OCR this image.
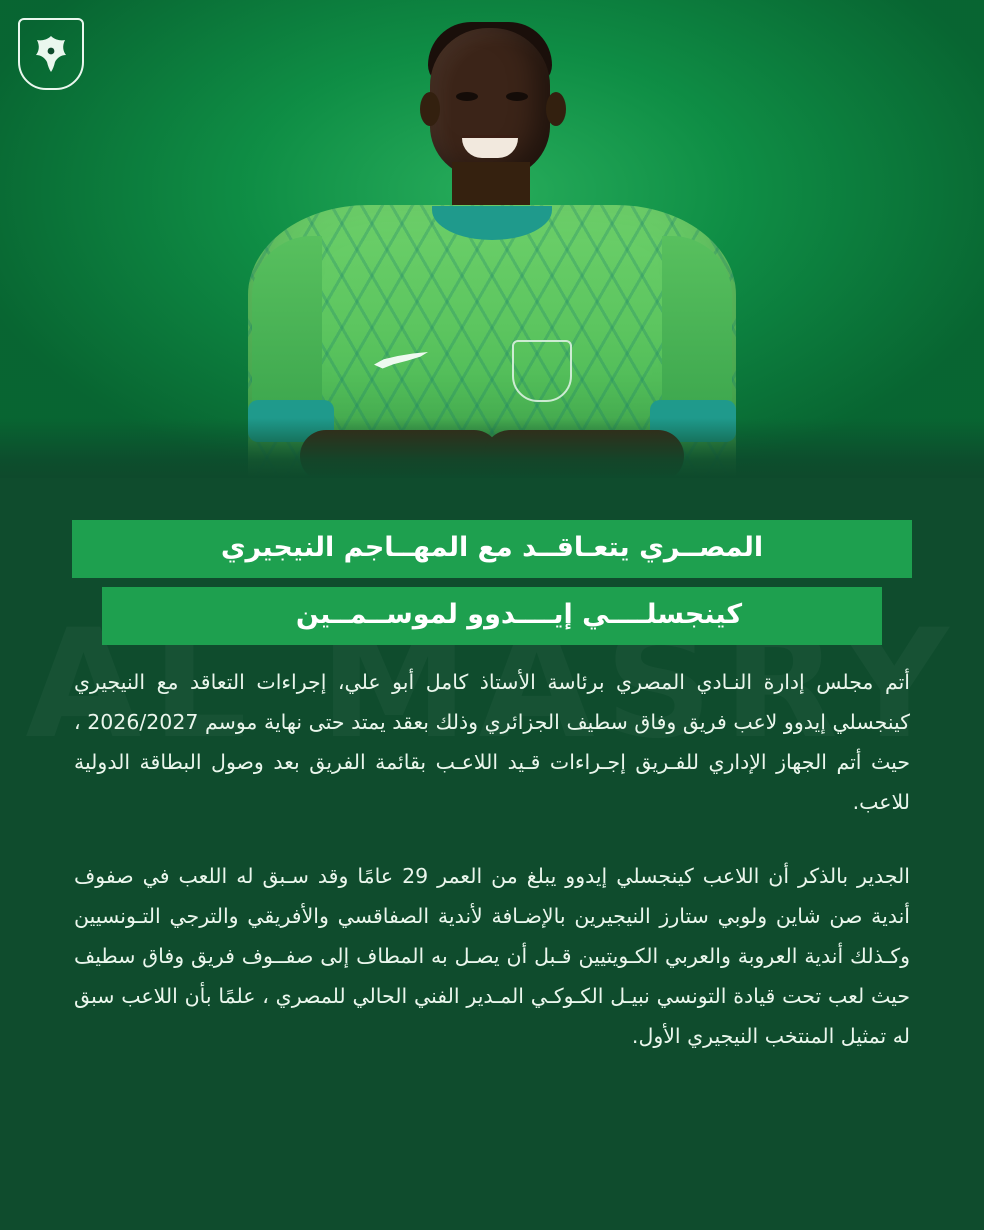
المصــري يتعـاقــد مع المهــاجم النيجيري
كينجسلــــي إيــــدوو لموســمــين

أتم مجلس إدارة النـادي المصري برئاسة الأستاذ كامل أبو علي، إجراءات التعاقد مع النيجيري كينجسلي إيدوو لاعب فريق وفاق سطيف الجزائري وذلك بعقد يمتد حتى نهاية موسم 2026/2027 ، حيث أتم الجهاز الإداري للفـريق إجـراءات قـيد اللاعـب بقائمة الفريق بعد وصول البطاقة الدولية للاعب.

الجدير بالذكر أن اللاعب كينجسلي إيدوو يبلغ من العمر 29 عامًا وقد سـبق له اللعب في صفوف أندية صن شاين ولوبي ستارز النيجيرين بالإضـافة لأندية الصفاقسي والأفريقي والترجي التـونسيين وكـذلك أندية العروبة والعربي الكـويتيين قـبل أن يصـل به المطاف إلى صفــوف فريق وفاق سطيف حيث لعب تحت قيادة التونسي نبيـل الكـوكـي المـدير الفني الحالي للمصري ، علمًا بأن اللاعب سبق له تمثيل المنتخب النيجيري الأول.
